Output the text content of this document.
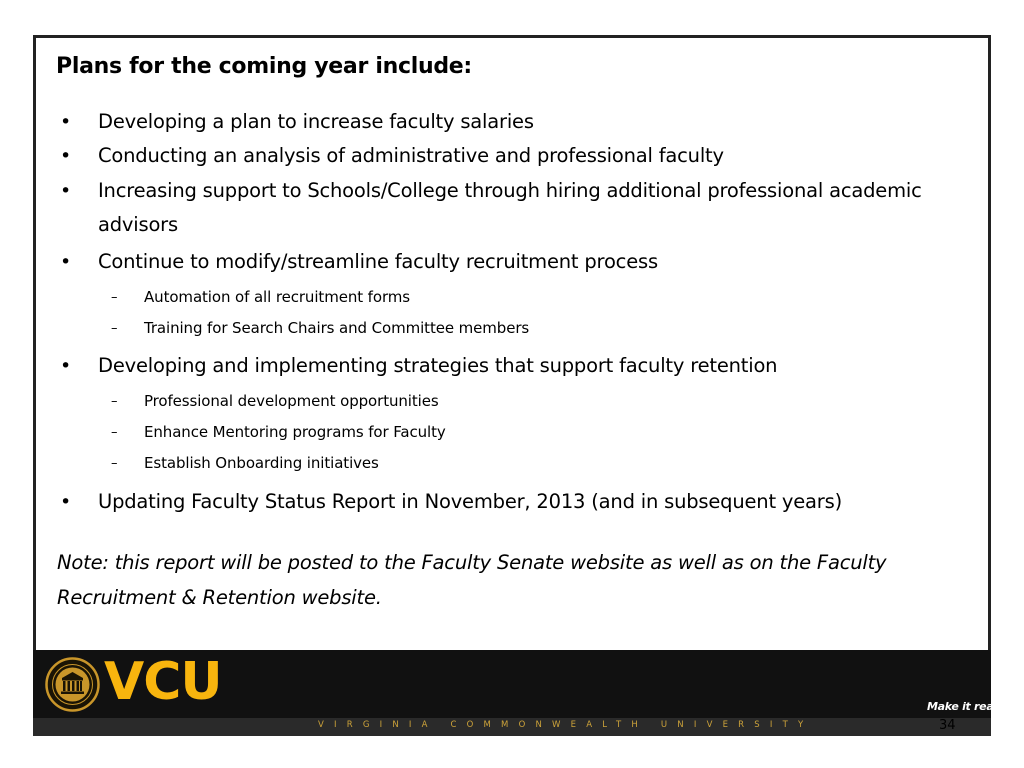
Plans for the coming year include:
• Developing a plan to increase faculty salaries
• Conducting an analysis of administrative and professional faculty
• Increasing support to Schools/College through hiring additional professional academic advisors
• Continue to modify/streamline faculty recruitment process
– Automation of all recruitment forms
– Training for Search Chairs and Committee members
• Developing and implementing strategies that support faculty retention
– Professional development opportunities
– Enhance Mentoring programs for Faculty
– Establish Onboarding initiatives
• Updating Faculty Status Report in November, 2013 (and in subsequent years)
Note: this report will be posted to the Faculty Senate website as well as on the Faculty Recruitment & Retention website.
VCU
VIRGINIA COMMONWEALTH UNIVERSITY
Make it real.
34
